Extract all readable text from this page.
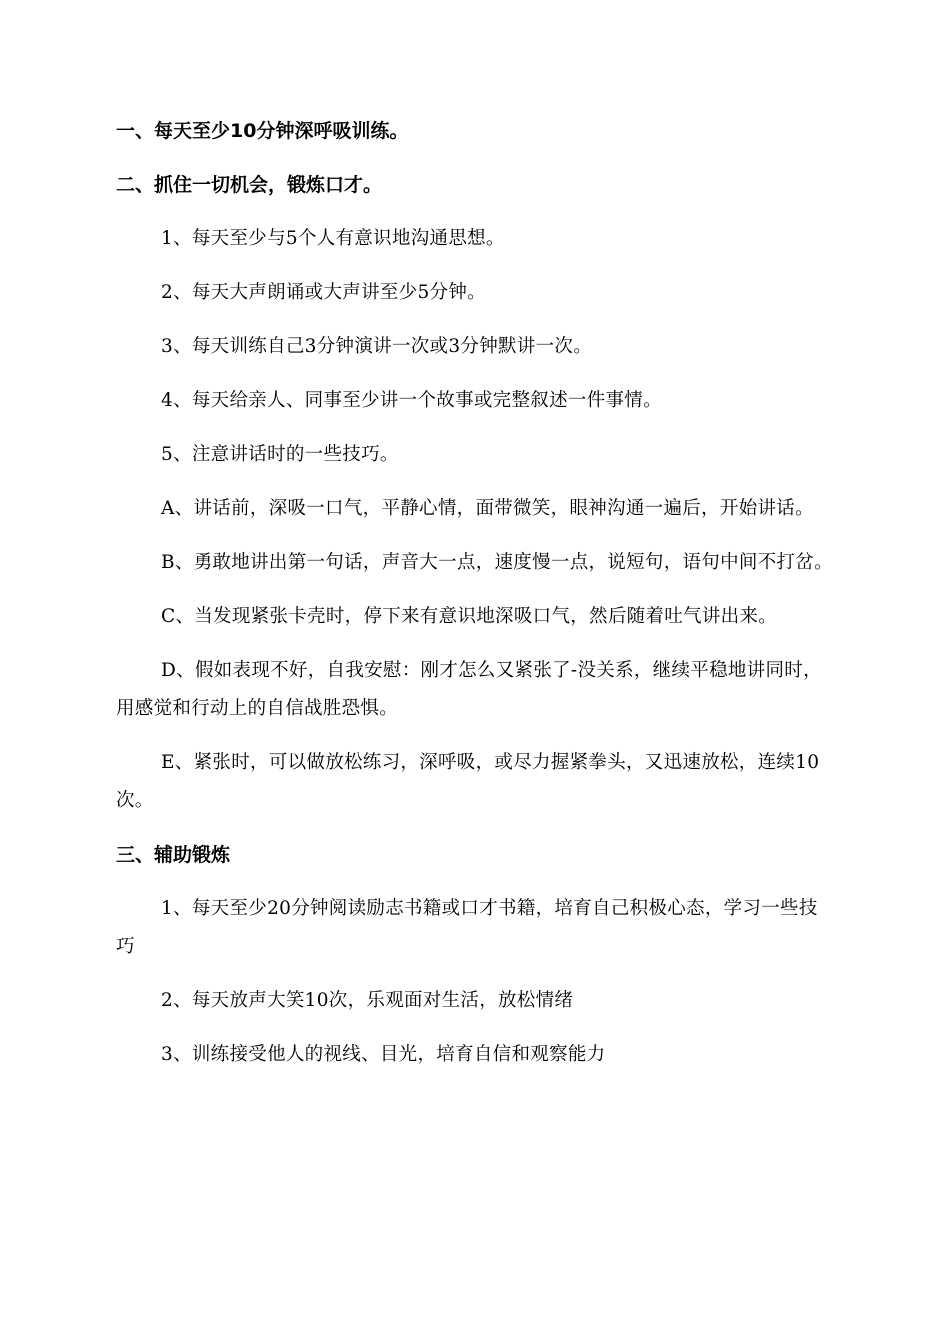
一、每天至少10分钟深呼吸训练。
二、抓住一切机会，锻炼口才。

1、每天至少与5个人有意识地沟通思想。

2、每天大声朗诵或大声讲至少5分钟。

3、每天训练自己3分钟演讲一次或3分钟默讲一次。

4、每天给亲人、同事至少讲一个故事或完整叙述一件事情。

5、注意讲话时的一些技巧。

A、讲话前，深吸一口气，平静心情，面带微笑，眼神沟通一遍后，开始讲话。

B、勇敢地讲出第一句话，声音大一点，速度慢一点，说短句，语句中间不打岔。

C、当发现紧张卡壳时，停下来有意识地深吸口气，然后随着吐气讲出来。

D、假如表现不好，自我安慰：刚才怎么又紧张了-没关系，继续平稳地讲同时，用感觉和行动上的自信战胜恐惧。

E、紧张时，可以做放松练习，深呼吸，或尽力握紧拳头，又迅速放松，连续10次。

三、辅助锻炼

1、每天至少20分钟阅读励志书籍或口才书籍，培育自己积极心态，学习一些技巧

2、每天放声大笑10次，乐观面对生活，放松情绪

3、训练接受他人的视线、目光，培育自信和观察能力
